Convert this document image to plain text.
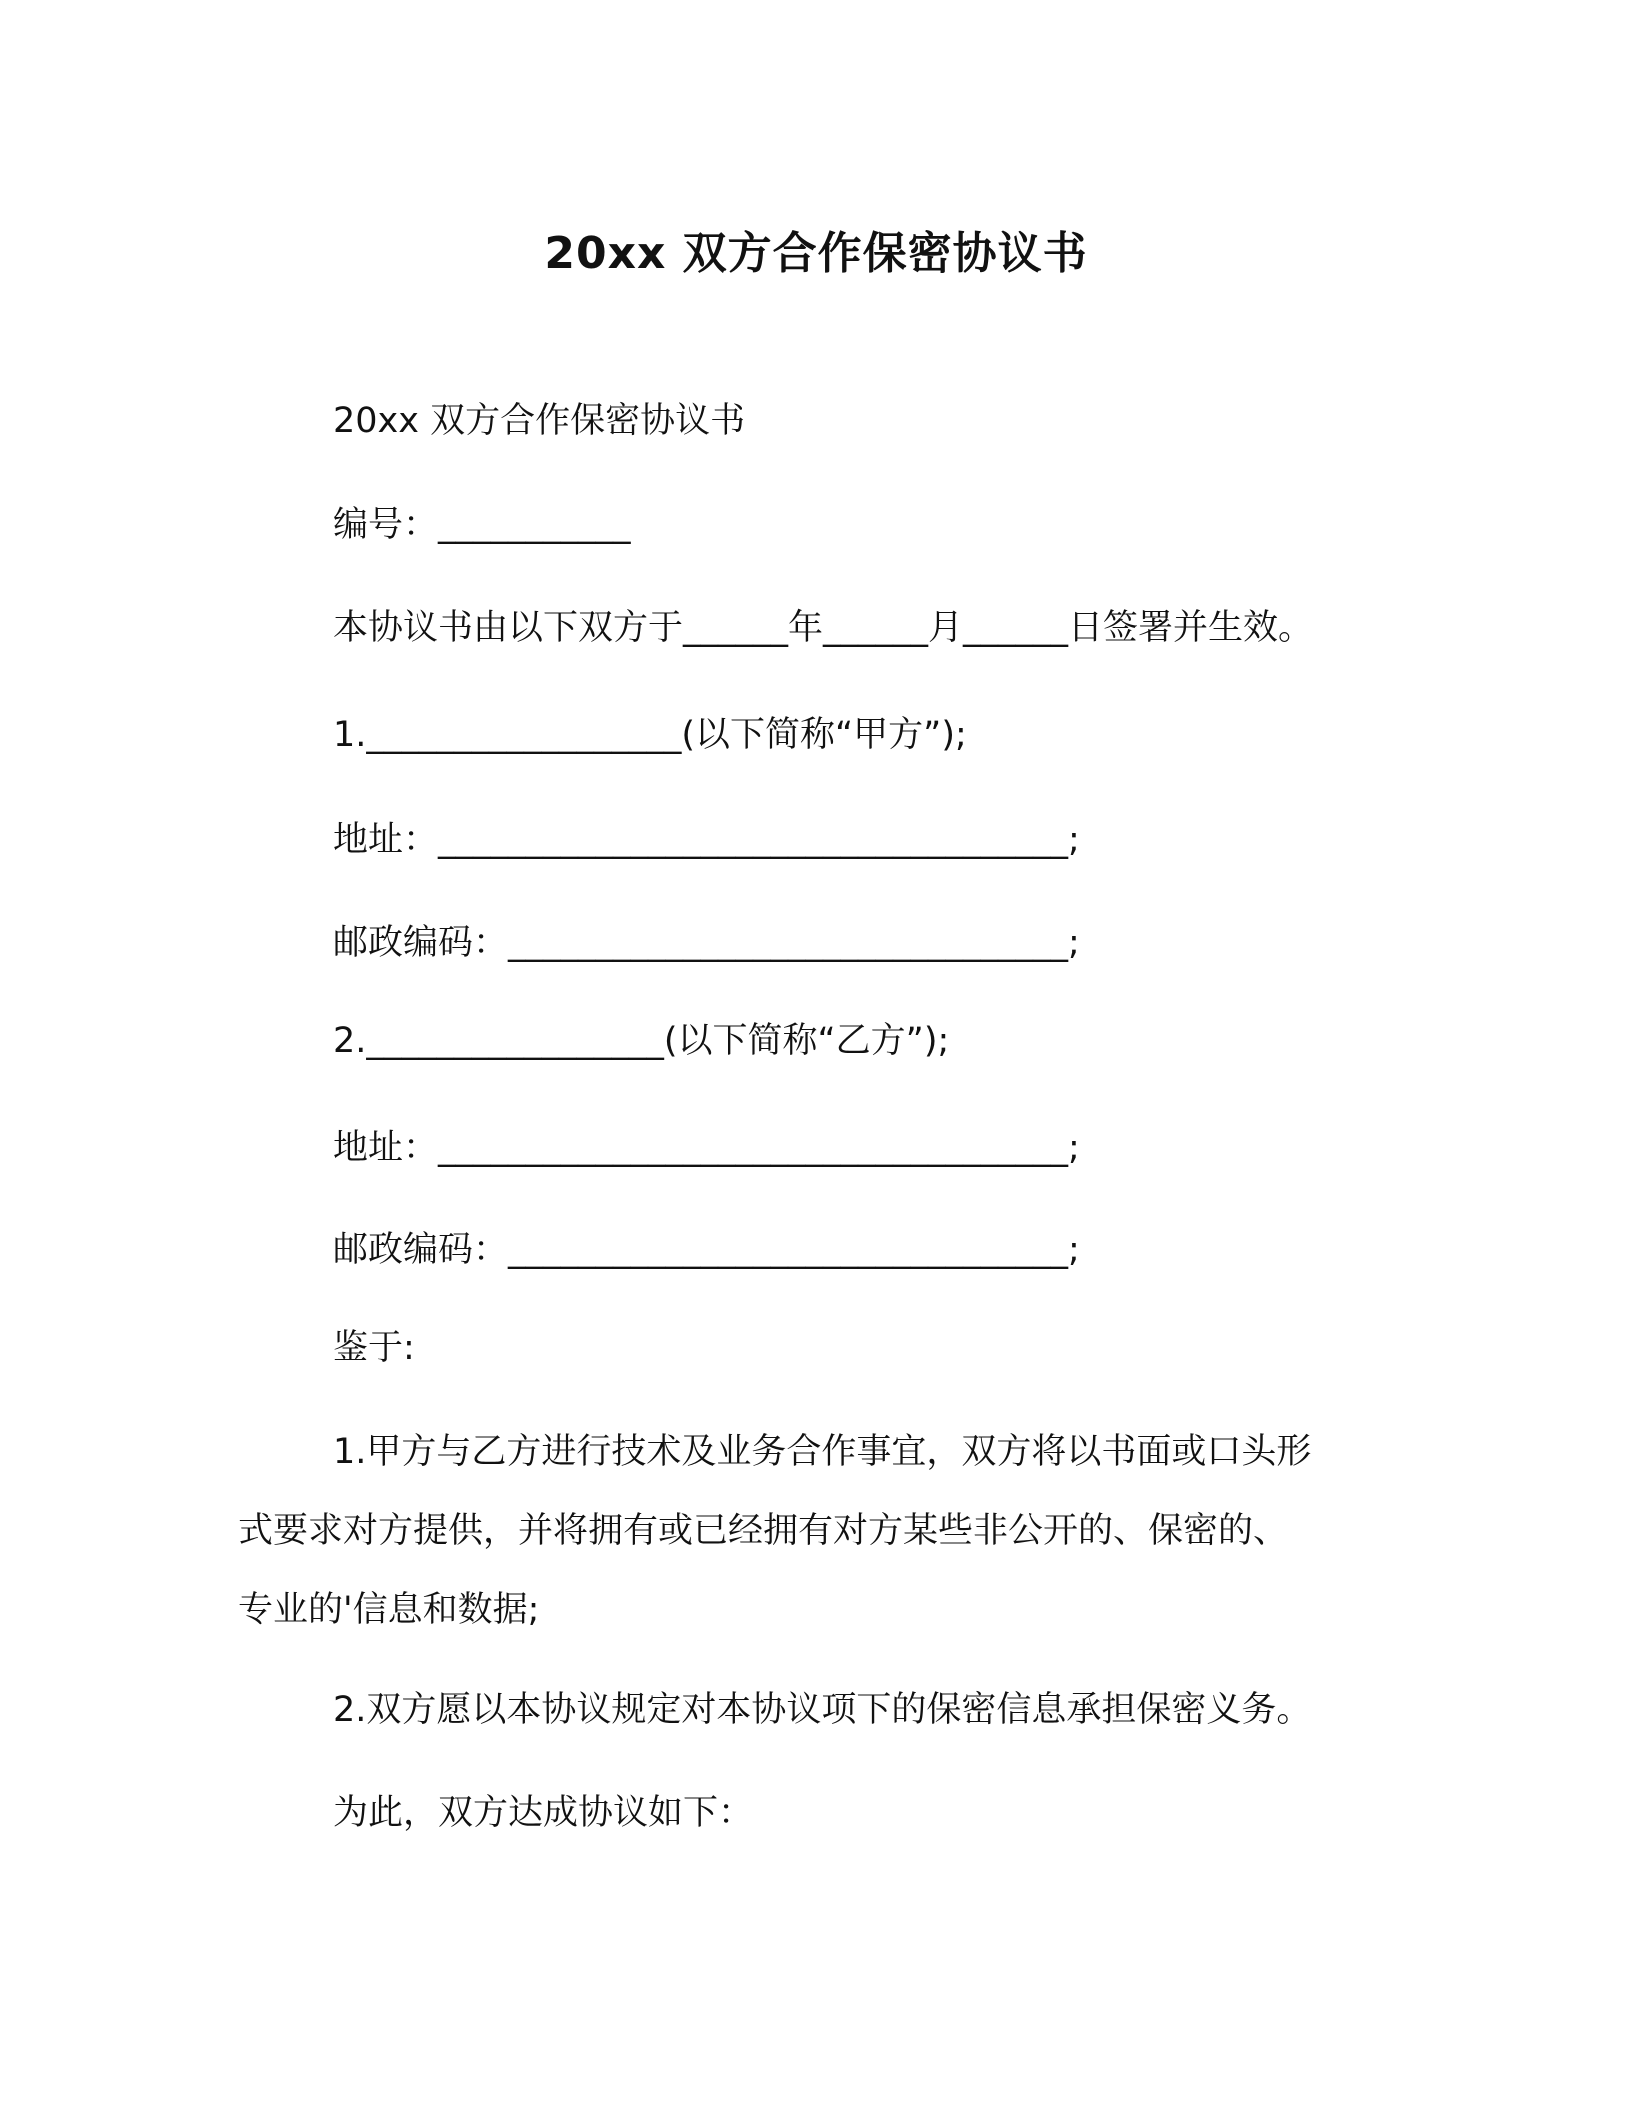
20xx 双方合作保密协议书
20xx 双方合作保密协议书
编号：___________
本协议书由以下双方于______年______月______日签署并生效。
1.__________________(以下简称“甲方”);
地址：____________________________________;
邮政编码：________________________________;
2._________________(以下简称“乙方”);
地址：____________________________________;
邮政编码：________________________________;
鉴于:
1.甲方与乙方进行技术及业务合作事宜，双方将以书面或口头形
式要求对方提供，并将拥有或已经拥有对方某些非公开的、保密的、
专业的'信息和数据;
2.双方愿以本协议规定对本协议项下的保密信息承担保密义务。
为此，双方达成协议如下：
